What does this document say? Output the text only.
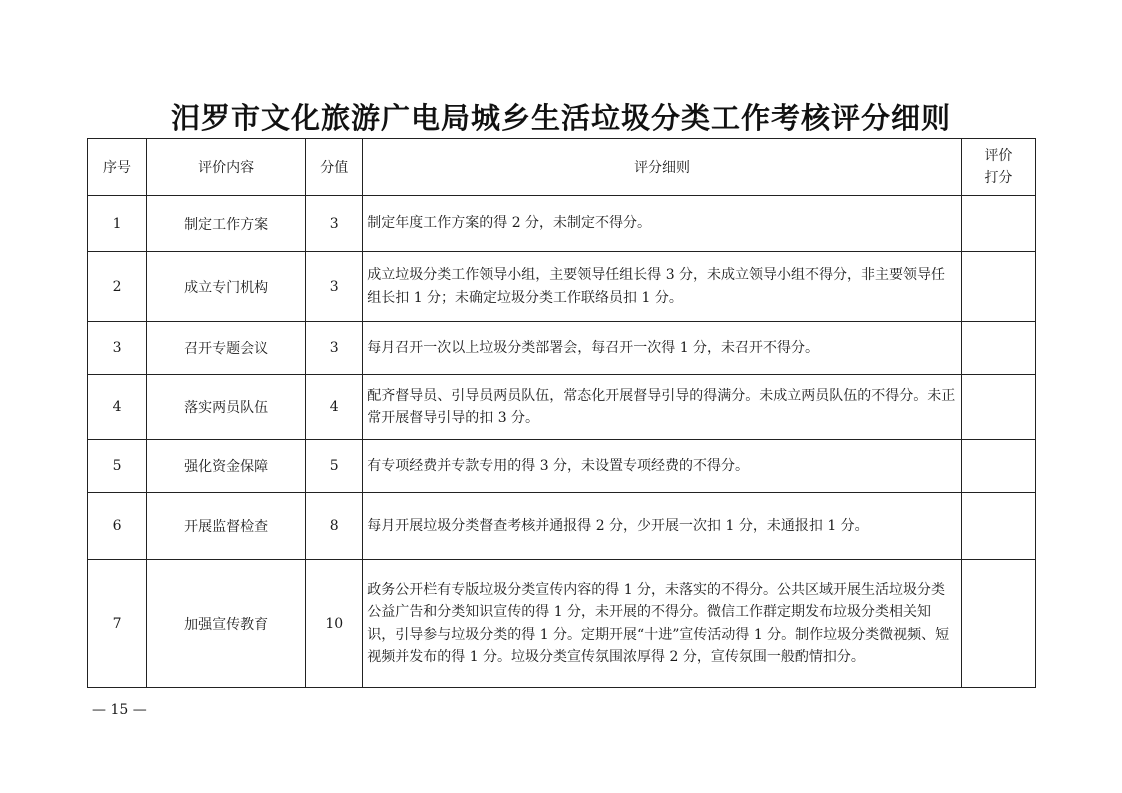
汨罗市文化旅游广电局城乡生活垃圾分类工作考核评分细则
序号	评价内容	分值	评分细则	评价
打分

1	制定工作方案	3	制定年度工作方案的得 2 分，未制定不得分。	
2	成立专门机构	3	成立垃圾分类工作领导小组，主要领导任组长得 3 分，未成立领导小组不得分，非主要领导任组长扣 1 分；未确定垃圾分类工作联络员扣 1 分。	
3	召开专题会议	3	每月召开一次以上垃圾分类部署会，每召开一次得 1 分，未召开不得分。	
4	落实两员队伍	4	配齐督导员、引导员两员队伍，常态化开展督导引导的得满分。未成立两员队伍的不得分。未正常开展督导引导的扣 3 分。	
5	强化资金保障	5	有专项经费并专款专用的得 3 分，未设置专项经费的不得分。	
6	开展监督检查	8	每月开展垃圾分类督查考核并通报得 2 分，少开展一次扣 1 分，未通报扣 1 分。	
7	加强宣传教育	10	政务公开栏有专版垃圾分类宣传内容的得 1 分，未落实的不得分。公共区域开展生活垃圾分类公益广告和分类知识宣传的得 1 分，未开展的不得分。微信工作群定期发布垃圾分类相关知识，引导参与垃圾分类的得 1 分。定期开展“十进”宣传活动得 1 分。制作垃圾分类微视频、短视频并发布的得 1 分。垃圾分类宣传氛围浓厚得 2 分，宣传氛围一般酌情扣分。	
— 15 —
